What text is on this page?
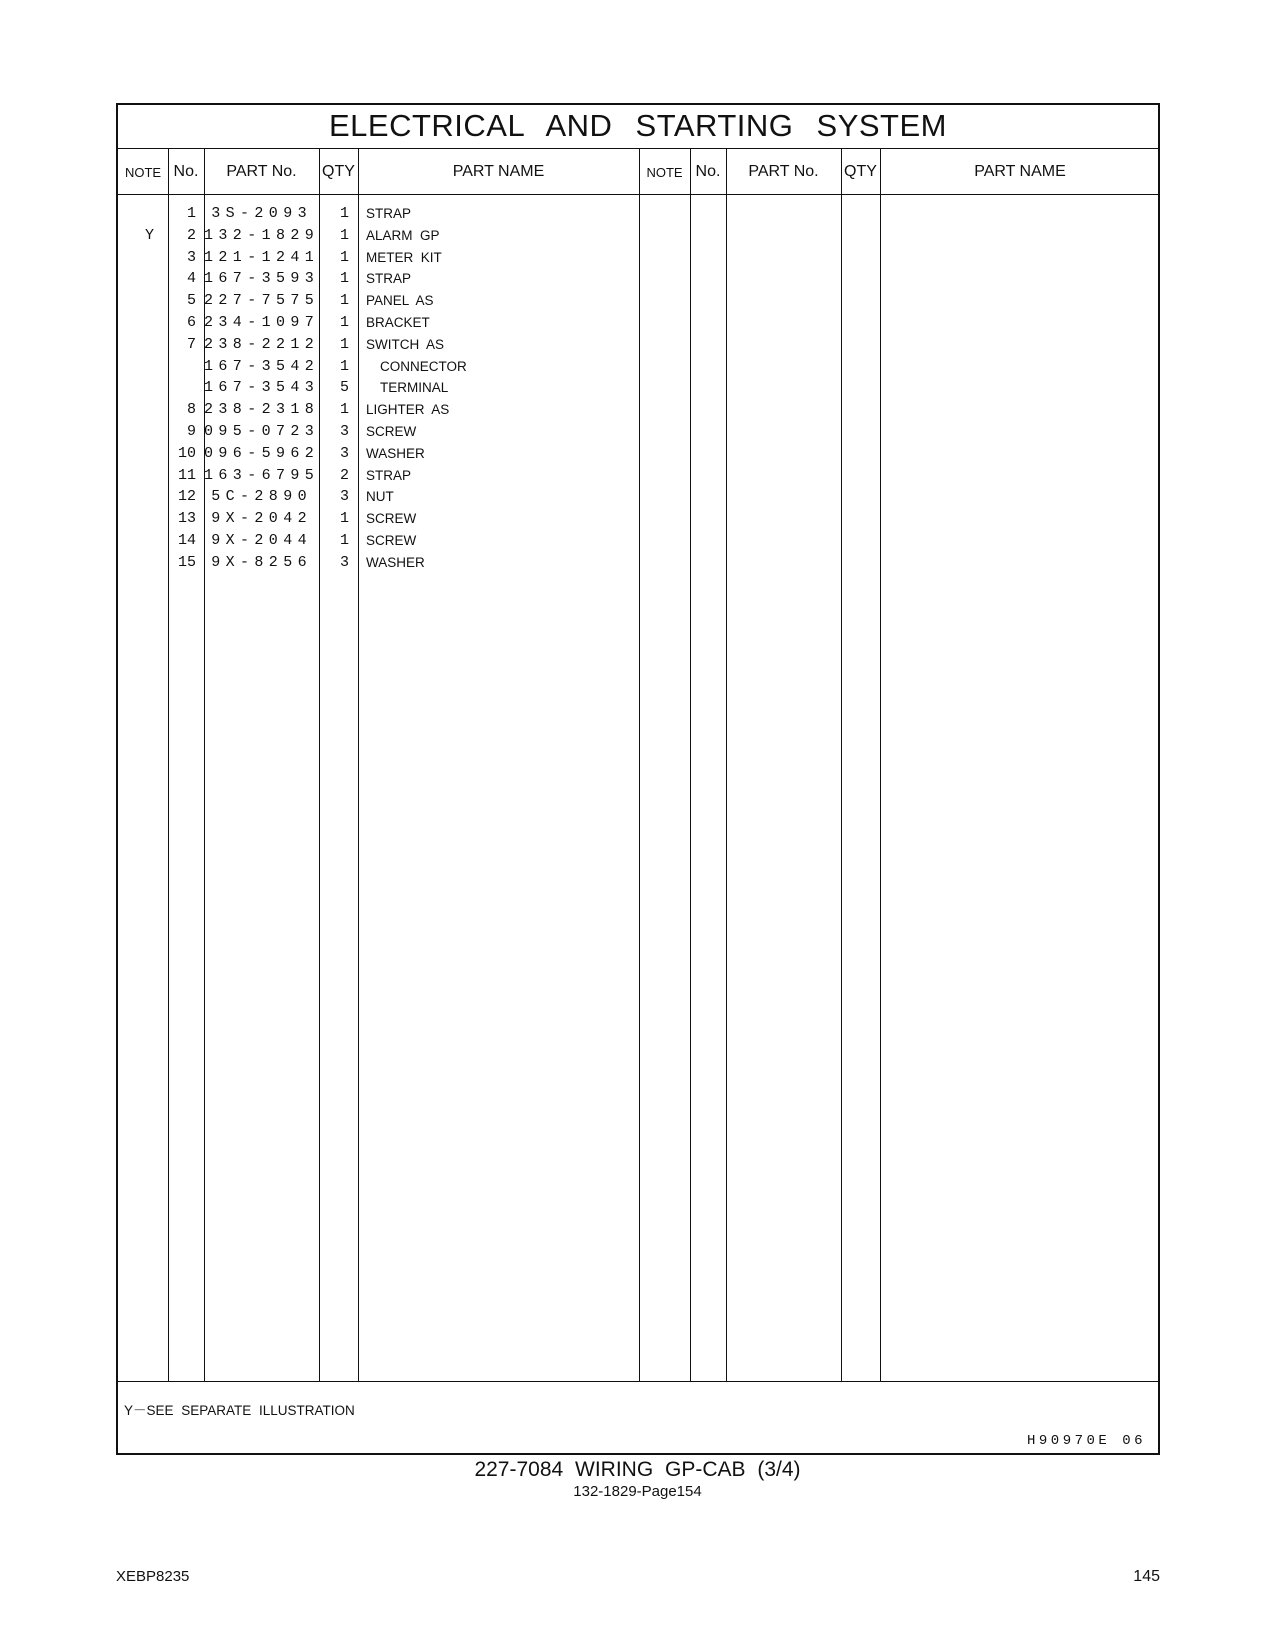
ELECTRICAL AND STARTING SYSTEM
NOTE No.	PART No.	QTY	PART NAME	NOTE No.	PART No.	QTY	PART NAME
1	3S-2093	1 STRAP
Y	2 132-1829	1 ALARM  GP
3 121-1241	1 METER  KIT
4 167-3593	1 STRAP
5 227-7575	1 PANEL  AS
6 234-1097	1 BRACKET
7 238-2212	1 SWITCH  AS
167-3542	1 CONNECTOR
167-3543	5 TERMINAL
8 238-2318	1 LIGHTER  AS
9 095-0723	3 SCREW
10 096-5962	3 WASHER
11 163-6795	2 STRAP
12	5C-2890	3 NUT
13	9X-2042	1 SCREW
14	9X-2044	1 SCREW
15	9X-8256	3 WASHER
Y－SEE SEPARATE ILLUSTRATION
H90970E 06
227-7084 WIRING GP-CAB (3/4)
132-1829-Page154
XEBP8235	145
